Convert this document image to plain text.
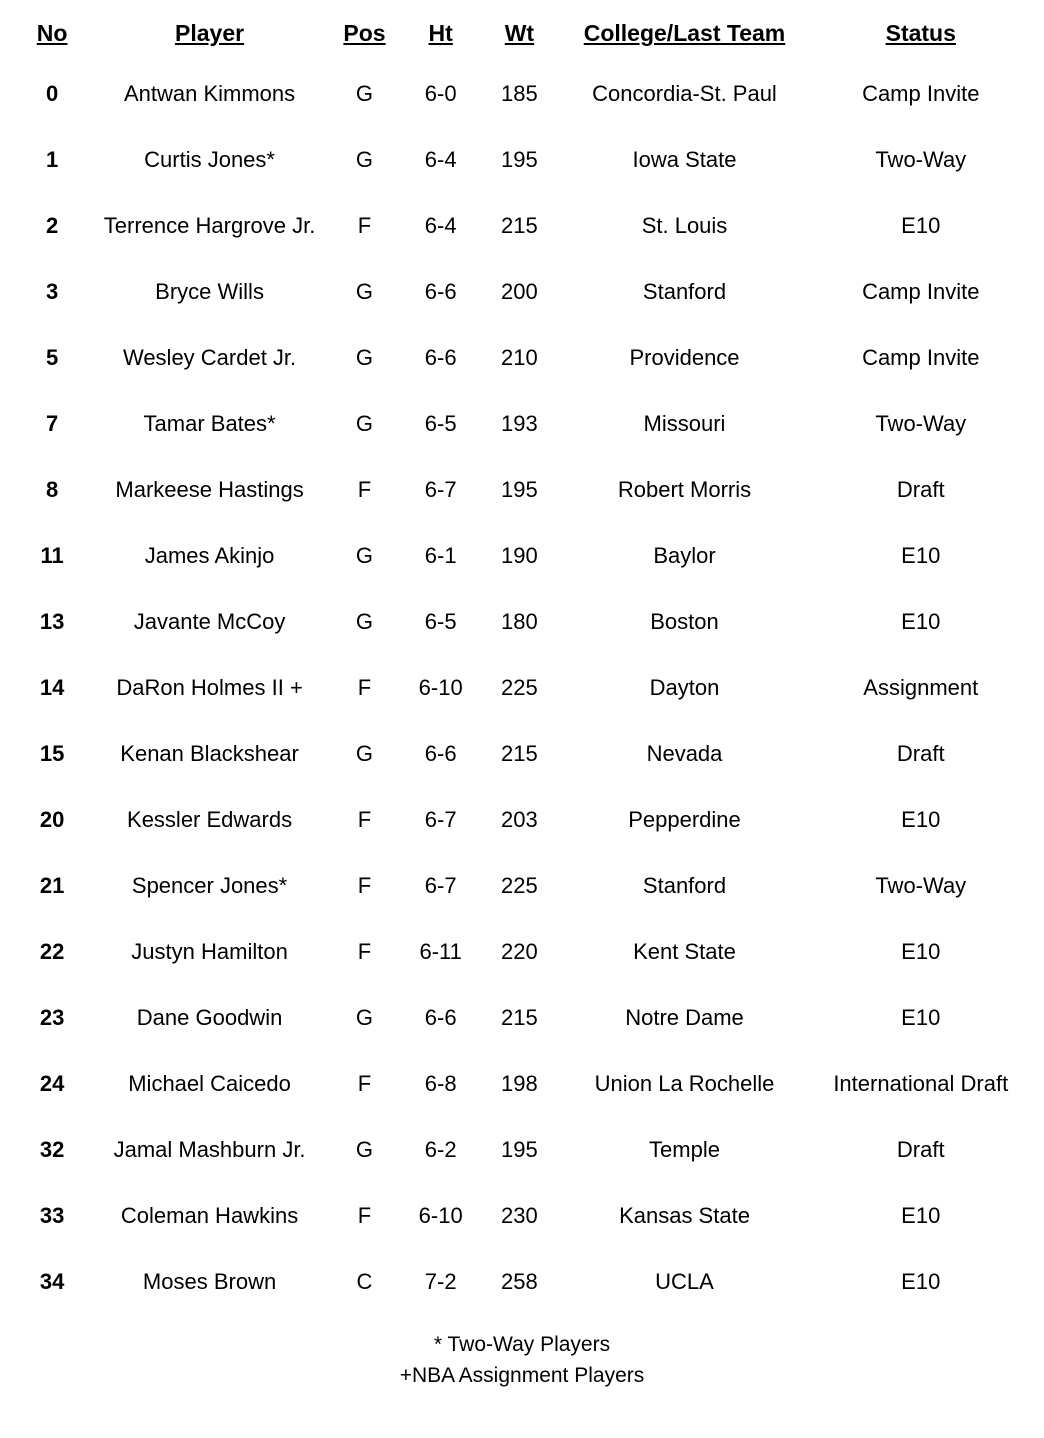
No	Player	Pos	Ht	Wt	College/Last Team	Status
0	Antwan Kimmons	G	6-0	185	Concordia-St. Paul	Camp Invite
1	Curtis Jones*	G	6-4	195	Iowa State	Two-Way
2	Terrence Hargrove Jr.	F	6-4	215	St. Louis	E10
3	Bryce Wills	G	6-6	200	Stanford	Camp Invite
5	Wesley Cardet Jr.	G	6-6	210	Providence	Camp Invite
7	Tamar Bates*	G	6-5	193	Missouri	Two-Way
8	Markeese Hastings	F	6-7	195	Robert Morris	Draft
11	James Akinjo	G	6-1	190	Baylor	E10
13	Javante McCoy	G	6-5	180	Boston	E10
14	DaRon Holmes II +	F	6-10	225	Dayton	Assignment
15	Kenan Blackshear	G	6-6	215	Nevada	Draft
20	Kessler Edwards	F	6-7	203	Pepperdine	E10
21	Spencer Jones*	F	6-7	225	Stanford	Two-Way
22	Justyn Hamilton	F	6-11	220	Kent State	E10
23	Dane Goodwin	G	6-6	215	Notre Dame	E10
24	Michael Caicedo	F	6-8	198	Union La Rochelle	International Draft
32	Jamal Mashburn Jr.	G	6-2	195	Temple	Draft
33	Coleman Hawkins	F	6-10	230	Kansas State	E10
34	Moses Brown	C	7-2	258	UCLA	E10
* Two-Way Players
+NBA Assignment Players
